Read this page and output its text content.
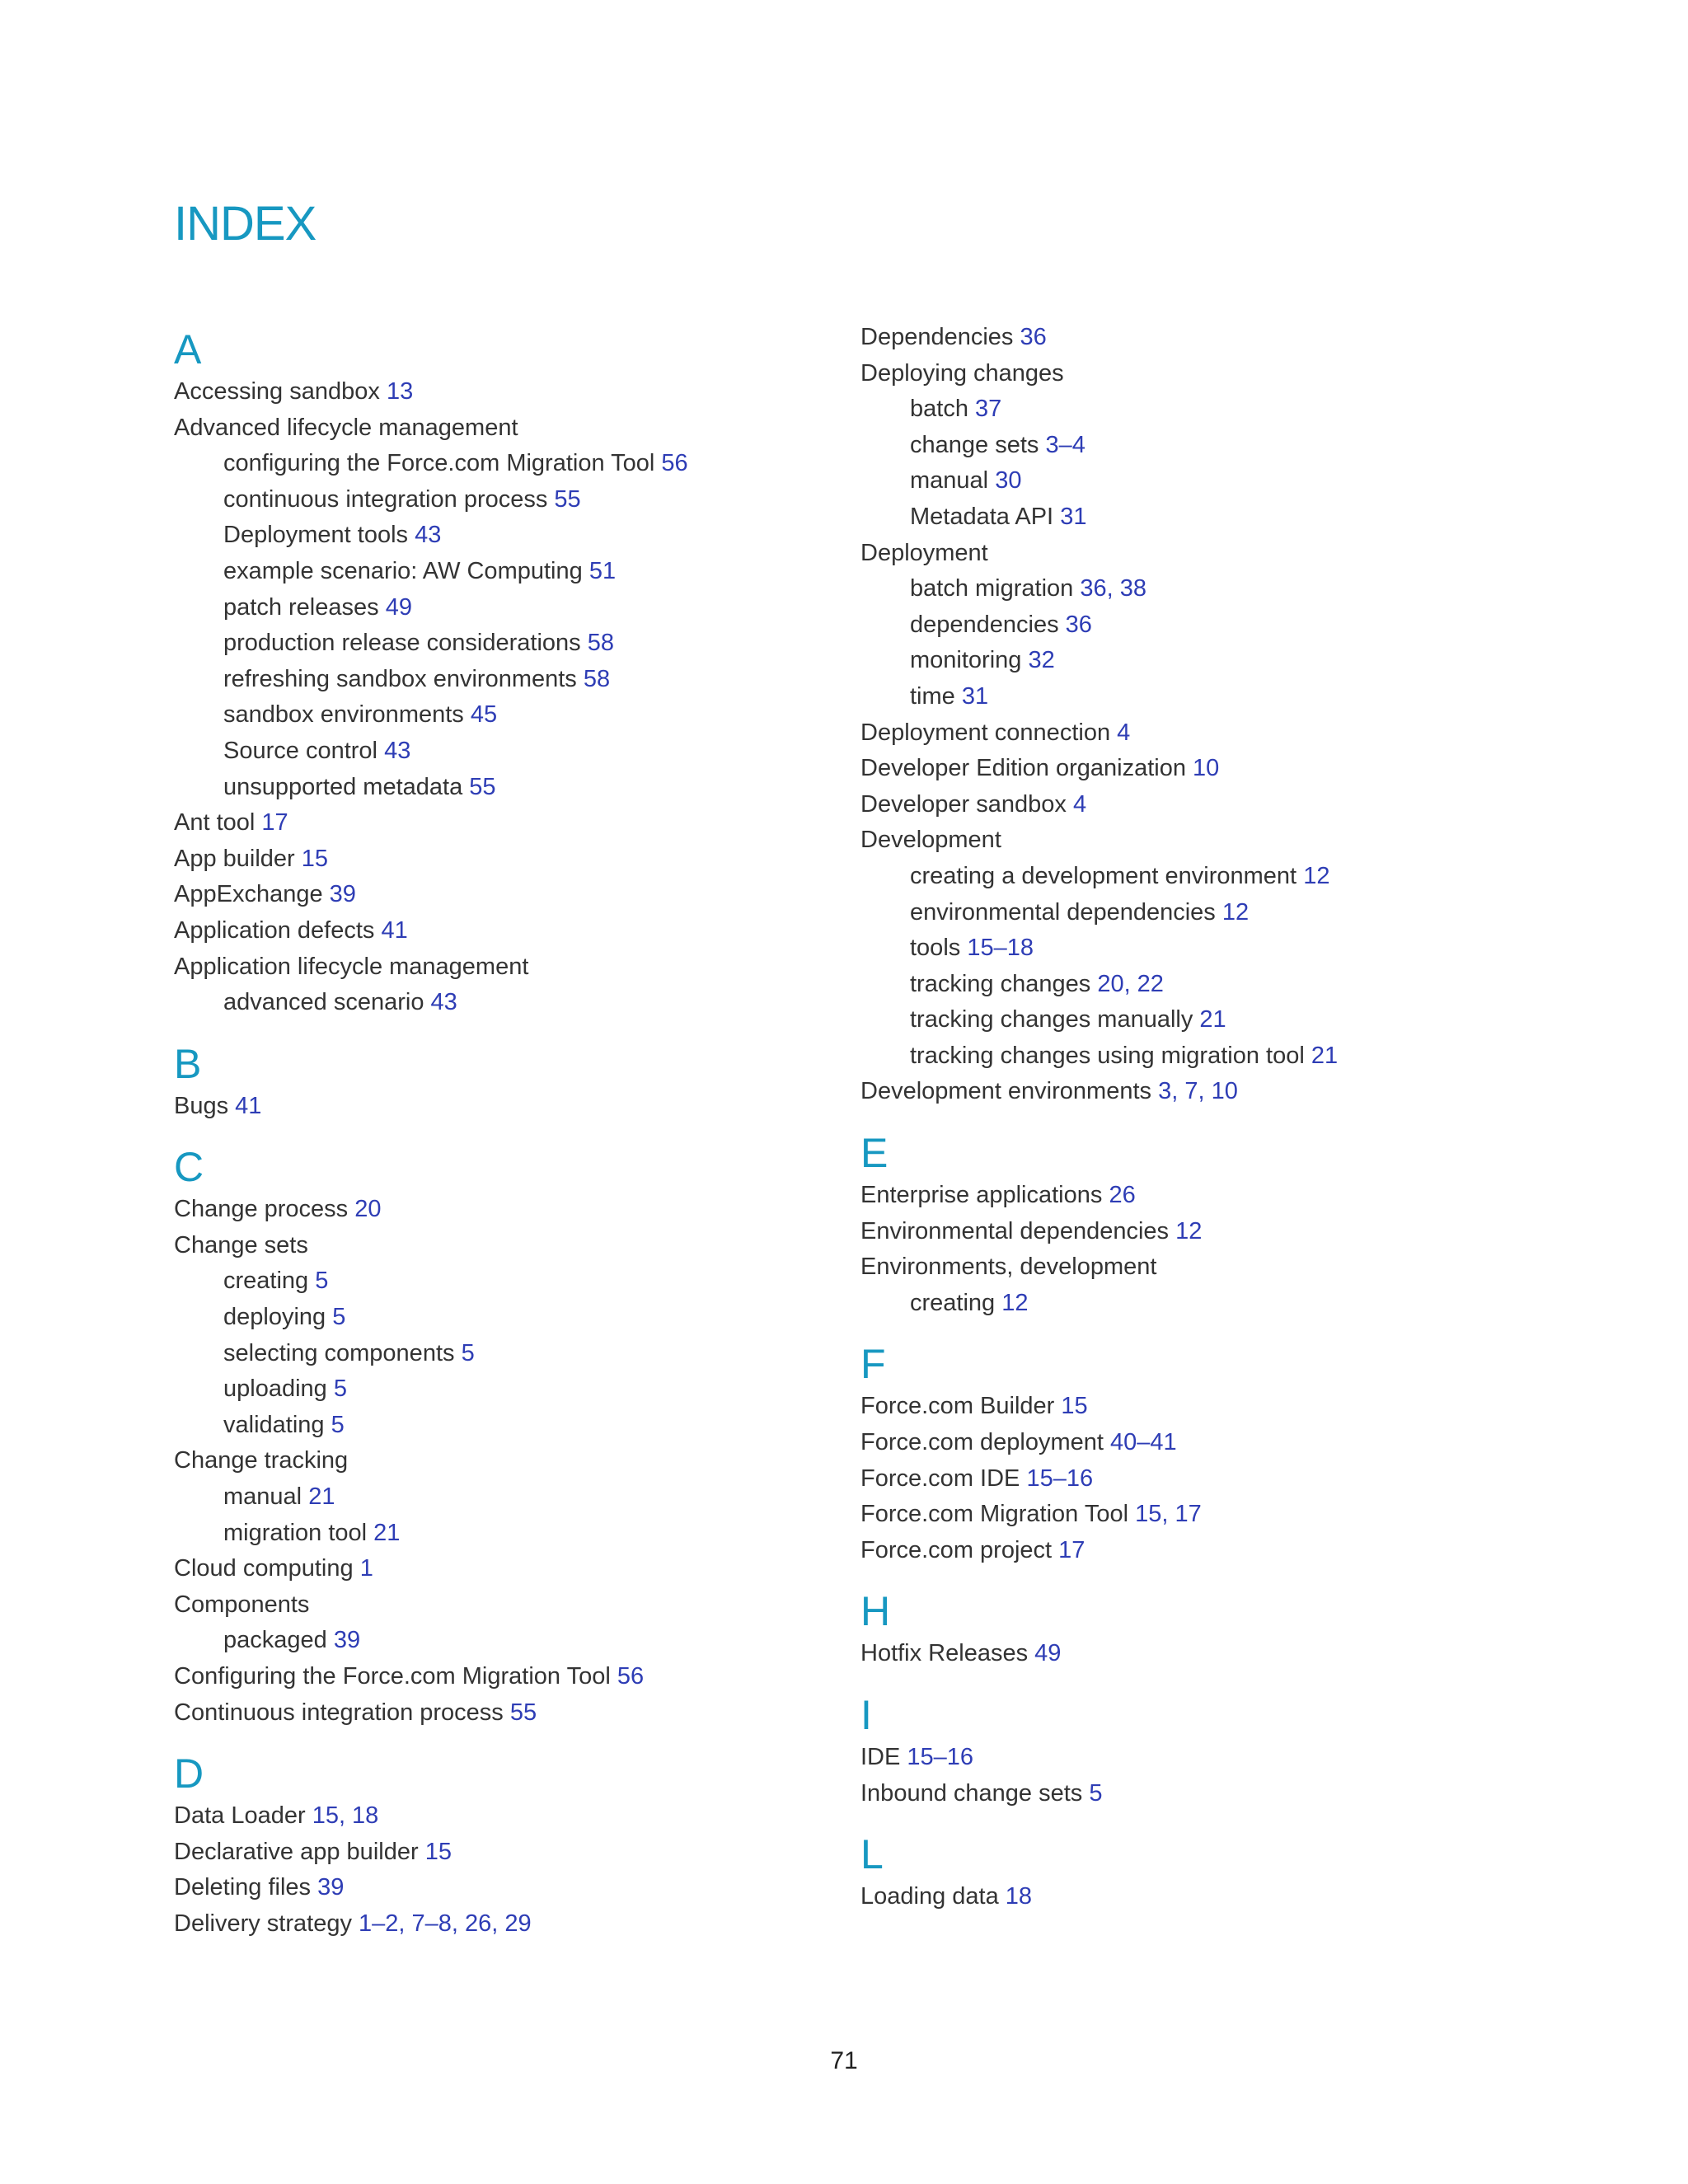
INDEX
A
Accessing sandbox 13
Advanced lifecycle management
configuring the Force.com Migration Tool 56
continuous integration process 55
Deployment tools 43
example scenario: AW Computing 51
patch releases 49
production release considerations 58
refreshing sandbox environments 58
sandbox environments 45
Source control 43
unsupported metadata 55
Ant tool 17
App builder 15
AppExchange 39
Application defects 41
Application lifecycle management
advanced scenario 43
B
Bugs 41
C
Change process 20
Change sets
creating 5
deploying 5
selecting components 5
uploading 5
validating 5
Change tracking
manual 21
migration tool 21
Cloud computing 1
Components
packaged 39
Configuring the Force.com Migration Tool 56
Continuous integration process 55
D
Data Loader 15, 18
Declarative app builder 15
Deleting files 39
Delivery strategy 1–2, 7–8, 26, 29
Dependencies 36
Deploying changes
batch 37
change sets 3–4
manual 30
Metadata API 31
Deployment
batch migration 36, 38
dependencies 36
monitoring 32
time 31
Deployment connection 4
Developer Edition organization 10
Developer sandbox 4
Development
creating a development environment 12
environmental dependencies 12
tools 15–18
tracking changes 20, 22
tracking changes manually 21
tracking changes using migration tool 21
Development environments 3, 7, 10
E
Enterprise applications 26
Environmental dependencies 12
Environments, development
creating 12
F
Force.com Builder 15
Force.com deployment 40–41
Force.com IDE 15–16
Force.com Migration Tool 15, 17
Force.com project 17
H
Hotfix Releases 49
I
IDE 15–16
Inbound change sets 5
L
Loading data 18
71
